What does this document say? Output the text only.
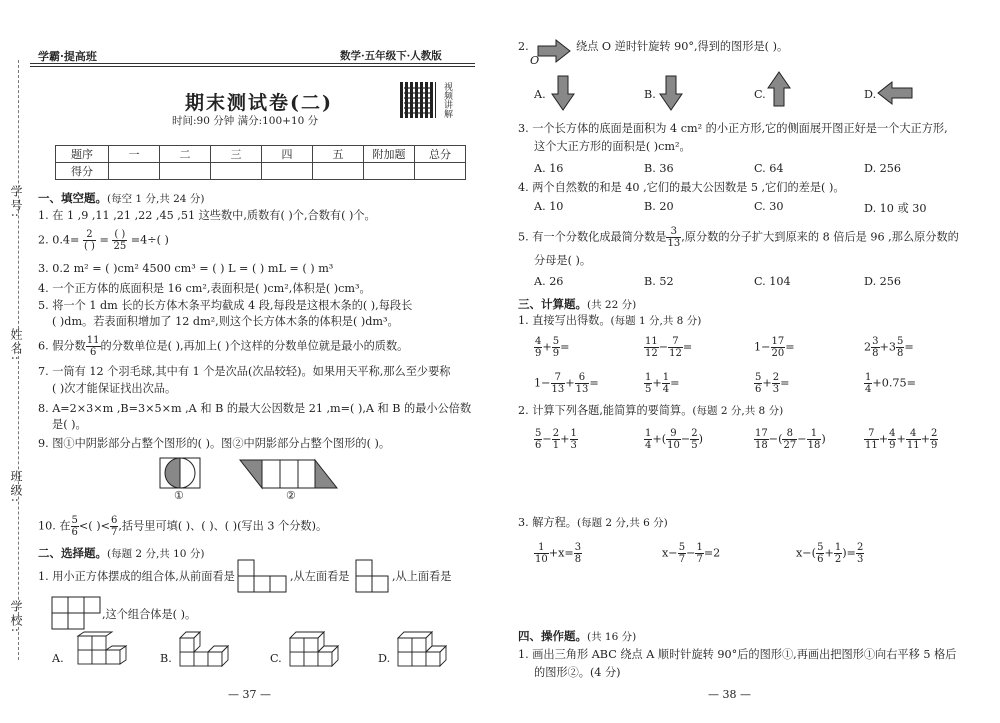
学号:
姓名:
班级:
学校:
学霸·提高班	数学·五年级下·人教版
期末测试卷(二)
时间:90 分钟 满分:100+10 分
视频讲解
题序	一	二	三	四	五	附加题	总分
得分							
一、填空题。(每空 1 分,共 24 分)
1. 在 1 ,9 ,11 ,21 ,22 ,45 ,51 这些数中,质数有( )个,合数有( )个。
2. $0.4= \frac{2}{( )} = \frac{( )}{25} =4\div$( )
3. 0.2 m² = ( )cm² 4500 cm³ = ( ) L = ( ) mL = ( ) m³
4. 一个正方体的底面积是 16 cm²,表面积是( )cm²,体积是( )cm³。
5. 将一个 1 dm 长的长方体木条平均截成 4 段,每段是这根木条的( ),每段长
( )dm。若表面积增加了 12 dm²,则这个长方体木条的体积是( )dm³。
6. 假分数 $\frac{11}{6}$ 的分数单位是( ),再加上( )个这样的分数单位就是最小的质数。
7. 一筒有 12 个羽毛球,其中有 1 个是次品(次品较轻)。如果用天平称,那么至少要称
( )次才能保证找出次品。
8. A=2×3×m ,B=3×5×m ,A 和 B 的最大公因数是 21 ,m=( ),A 和 B 的最小公倍数
是( )。
9. 图①中阴影部分占整个图形的( )。图②中阴影部分占整个图形的( )。
①	②
10. 在 $\frac{5}{6}$ <( )< $\frac{6}{7}$ ,括号里可填( )、( )、( )(写出 3 个分数)。
二、选择题。(每题 2 分,共 10 分)
1. 用小正方体摆成的组合体,从前面看是	,从左面看是	,从上面看是
,这个组合体是( )。
A.	B.	C.	D.
— 37 —
2.
O
绕点 O 逆时针旋转 90°,得到的图形是( )。
A.	B.	C.	D.
3. 一个长方体的底面是面积为 4 cm² 的小正方形,它的侧面展开图正好是一个大正方形,
这个大正方形的面积是( )cm²。
A. 16	B. 36	C. 64	D. 256
4. 两个自然数的和是 40 ,它们的最大公因数是 5 ,它们的差是( )。
A. 10	B. 20	C. 30	D. 10 或 30
5. 有一个分数化成最简分数是 $\frac{3}{13}$ ,原分数的分子扩大到原来的 8 倍后是 96 ,那么原分数的
分母是( )。
A. 26	B. 52	C. 104	D. 256
三、计算题。(共 22 分)
1. 直接写出得数。(每题 1 分,共 8 分)
$\frac{4}{9} + \frac{5}{9}$ =	$\frac{11}{12} - \frac{7}{12}$ =	$1- \frac{17}{20}$ =	$2 \frac{3}{8} +3 \frac{5}{8}$ =
$1- \frac{7}{13} + \frac{6}{13}$ =	$\frac{1}{5} + \frac{1}{4}$ =	$\frac{5}{6} + \frac{2}{3}$ =	$\frac{1}{4} +0.75=$
2. 计算下列各题,能简算的要简算。(每题 2 分,共 8 分)
$\frac{5}{6} - \frac{2}{1} + \frac{1}{3}$	$\frac{1}{4}$ +( $\frac{9}{10} - \frac{2}{5}$ )	$\frac{17}{18}$ −( $\frac{8}{27} - \frac{1}{18}$ )	$\frac{7}{11} + \frac{4}{9} + \frac{4}{11} + \frac{2}{9}$
3. 解方程。(每题 2 分,共 6 分)
$\frac{1}{10} +x= \frac{3}{8}$	$x- \frac{5}{7} - \frac{1}{7} =2$	$x-( \frac{5}{6} + \frac{1}{2}$ )= $\frac{2}{3}$
四、操作题。(共 16 分)
1. 画出三角形 ABC 绕点 A 顺时针旋转 90°后的图形①,再画出把图形①向右平移 5 格后
的图形②。(4 分)
— 38 —
